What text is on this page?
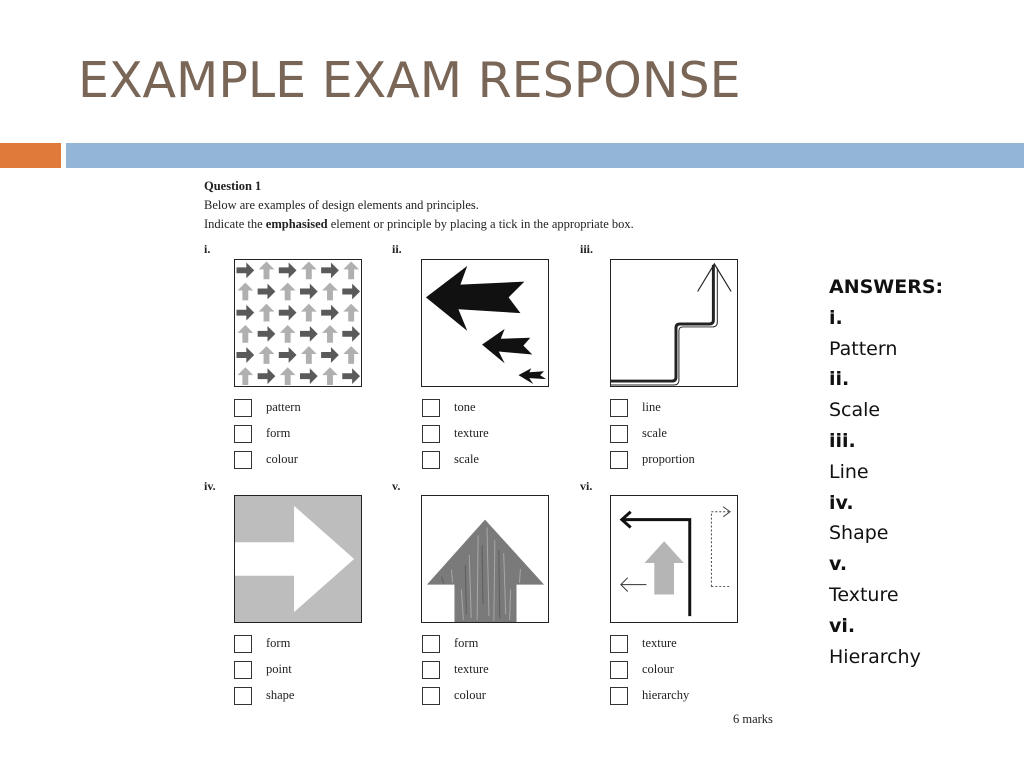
EXAMPLE EXAM RESPONSE
Question 1
Below are examples of design elements and principles.
Indicate the emphasised element or principle by placing a tick in the appropriate box.
i.
pattern
form
colour
ii.
tone
texture
scale
iii.
line
scale
proportion
iv.
form
point
shape
v.
form
texture
colour
vi.
texture
colour
hierarchy
6 marks
ANSWERS:
i.
Pattern
ii.
Scale
iii.
Line
iv.
Shape
v.
Texture
vi.
Hierarchy
